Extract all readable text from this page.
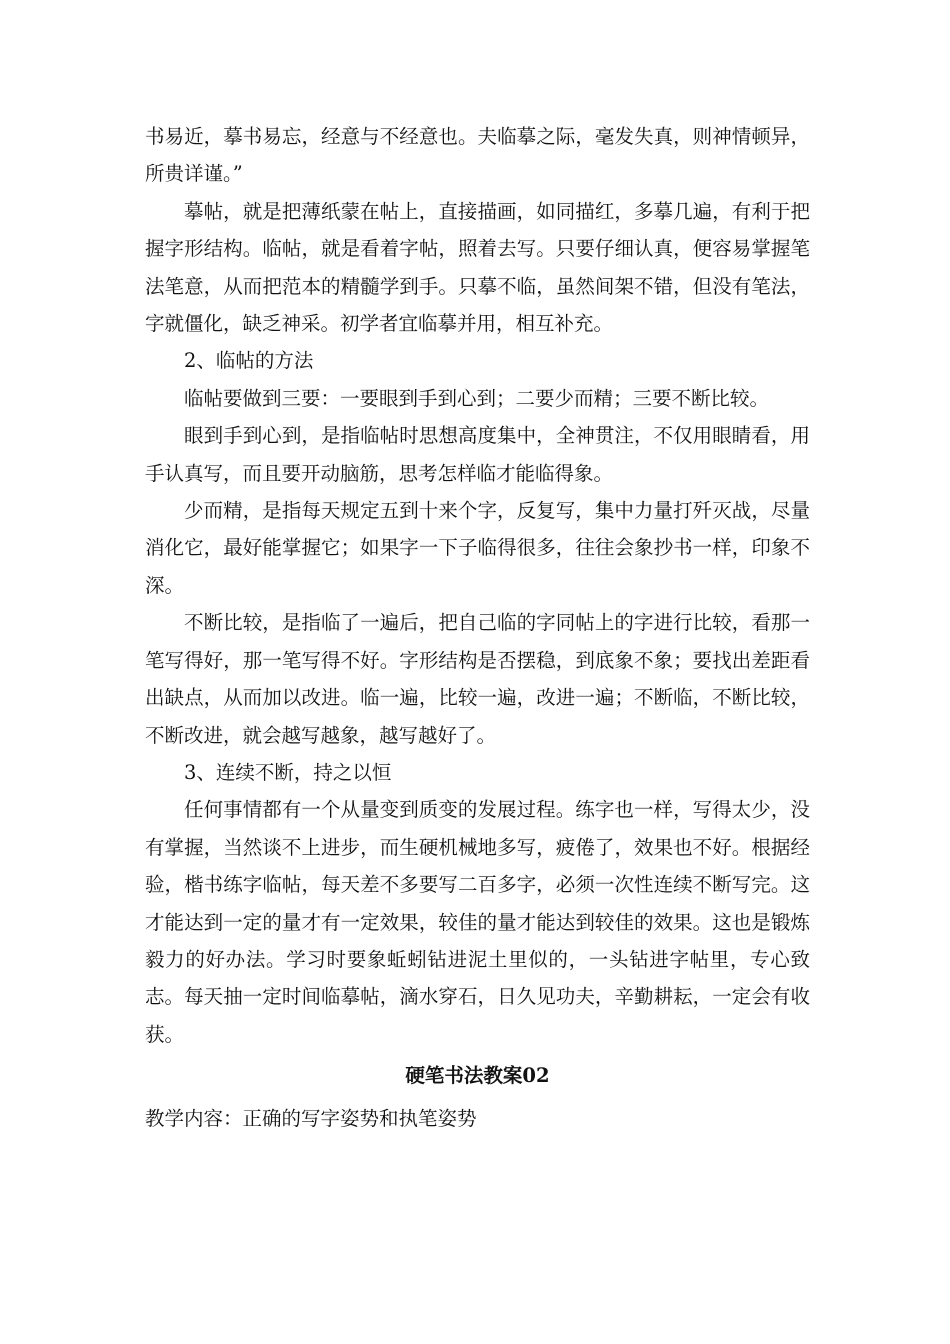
书易近，摹书易忘，经意与不经意也。夫临摹之际，毫发失真，则神情顿异，所贵详谨。”

摹帖，就是把薄纸蒙在帖上，直接描画，如同描红，多摹几遍，有利于把握字形结构。临帖，就是看着字帖，照着去写。只要仔细认真，便容易掌握笔法笔意，从而把范本的精髓学到手。只摹不临，虽然间架不错，但没有笔法，字就僵化，缺乏神采。初学者宜临摹并用，相互补充。

2、临帖的方法

临帖要做到三要：一要眼到手到心到；二要少而精；三要不断比较。

眼到手到心到，是指临帖时思想高度集中，全神贯注，不仅用眼睛看，用手认真写，而且要开动脑筋，思考怎样临才能临得象。

少而精，是指每天规定五到十来个字，反复写，集中力量打歼灭战，尽量消化它，最好能掌握它；如果字一下子临得很多，往往会象抄书一样，印象不深。

不断比较，是指临了一遍后，把自己临的字同帖上的字进行比较，看那一笔写得好，那一笔写得不好。字形结构是否摆稳，到底象不象；要找出差距看出缺点，从而加以改进。临一遍，比较一遍，改进一遍；不断临，不断比较，不断改进，就会越写越象，越写越好了。

3、连续不断，持之以恒

任何事情都有一个从量变到质变的发展过程。练字也一样，写得太少，没有掌握，当然谈不上进步，而生硬机械地多写，疲倦了，效果也不好。根据经验，楷书练字临帖，每天差不多要写二百多字，必须一次性连续不断写完。这才能达到一定的量才有一定效果，较佳的量才能达到较佳的效果。这也是锻炼毅力的好办法。学习时要象蚯蚓钻进泥土里似的，一头钻进字帖里，专心致志。每天抽一定时间临摹帖，滴水穿石，日久见功夫，辛勤耕耘，一定会有收获。

硬笔书法教案02

教学内容：正确的写字姿势和执笔姿势
